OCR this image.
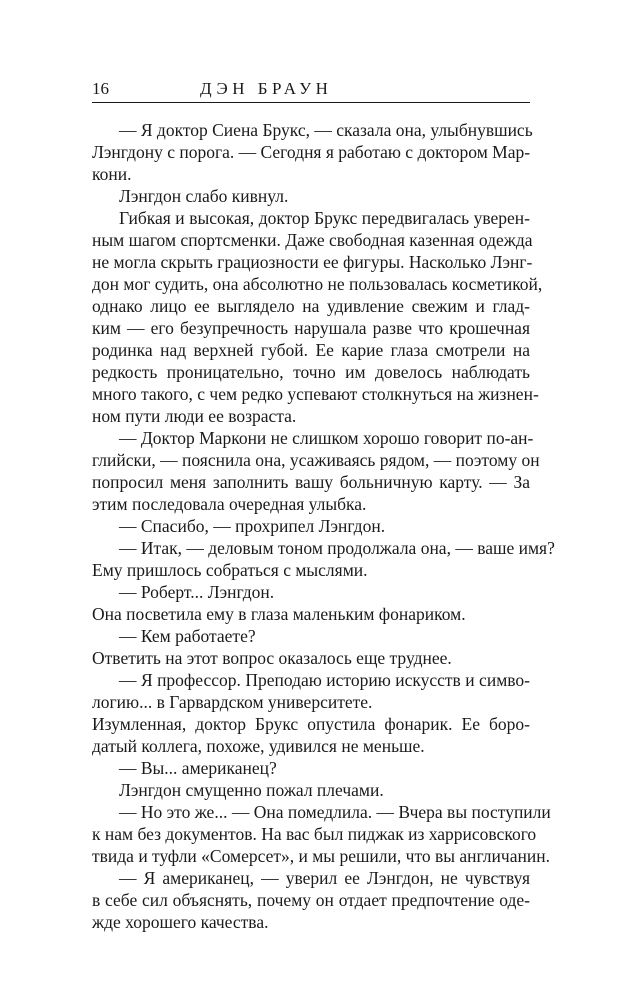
16	ДЭН БРАУН
— Я доктор Сиена Брукс, — сказала она, улыбнувшись
Лэнгдону с порога. — Сегодня я работаю с доктором Мар-
кони.
Лэнгдон слабо кивнул.
Гибкая и высокая, доктор Брукс передвигалась уверен-
ным шагом спортсменки. Даже свободная казенная одежда
не могла скрыть грациозности ее фигуры. Насколько Лэнг-
дон мог судить, она абсолютно не пользовалась косметикой,
однако лицо ее выглядело на удивление свежим и глад-
ким — его безупречность нарушала разве что крошечная
родинка над верхней губой. Ее карие глаза смотрели на
редкость проницательно, точно им довелось наблюдать
много такого, с чем редко успевают столкнуться на жизнен-
ном пути люди ее возраста.
— Доктор Маркони не слишком хорошо говорит по-ан-
глийски, — пояснила она, усаживаясь рядом, — поэтому он
попросил меня заполнить вашу больничную карту. — За
этим последовала очередная улыбка.
— Спасибо, — прохрипел Лэнгдон.
— Итак, — деловым тоном продолжала она, — ваше имя?
Ему пришлось собраться с мыслями.
— Роберт... Лэнгдон.
Она посветила ему в глаза маленьким фонариком.
— Кем работаете?
Ответить на этот вопрос оказалось еще труднее.
— Я профессор. Преподаю историю искусств и симво-
логию... в Гарвардском университете.
Изумленная, доктор Брукс опустила фонарик. Ее боро-
датый коллега, похоже, удивился не меньше.
— Вы... американец?
Лэнгдон смущенно пожал плечами.
— Но это же... — Она помедлила. — Вчера вы поступили
к нам без документов. На вас был пиджак из харрисовского
твида и туфли «Сомерсет», и мы решили, что вы англичанин.
— Я американец, — уверил ее Лэнгдон, не чувствуя
в себе сил объяснять, почему он отдает предпочтение оде-
жде хорошего качества.
